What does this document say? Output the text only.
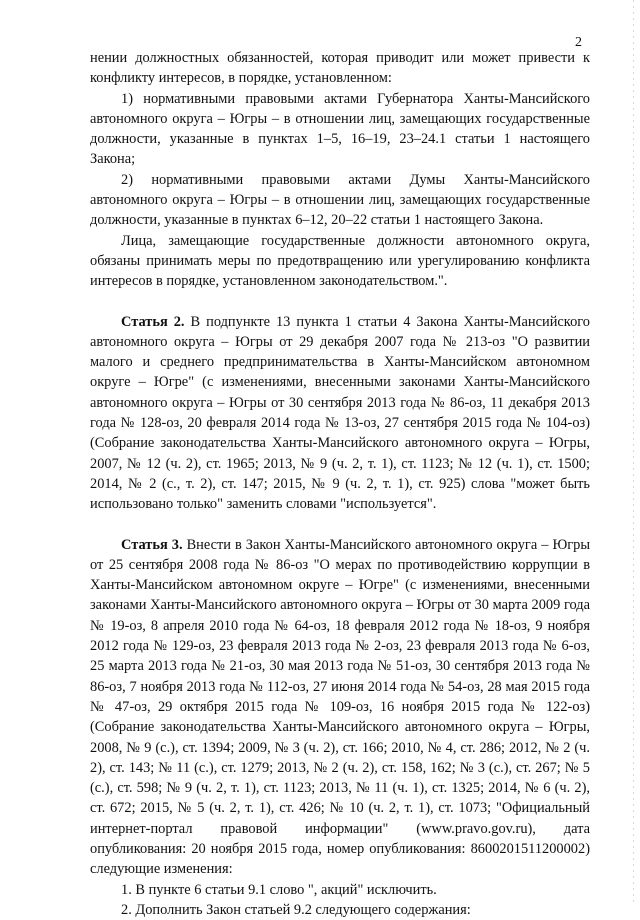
2

нении должностных обязанностей, которая приводит или может привести к конфликту интересов, в порядке, установленном:

1) нормативными правовыми актами Губернатора Ханты-Мансийского автономного округа – Югры – в отношении лиц, замещающих государственные должности, указанные в пунктах 1–5, 16–19, 23–24.1 статьи 1 настоящего Закона;

2) нормативными правовыми актами Думы Ханты-Мансийского автономного округа – Югры – в отношении лиц, замещающих государственные должности, указанные в пунктах 6–12, 20–22 статьи 1 настоящего Закона.

Лица, замещающие государственные должности автономного округа, обязаны принимать меры по предотвращению или урегулированию конфликта интересов в порядке, установленном законодательством.".

Статья 2. В подпункте 13 пункта 1 статьи 4 Закона Ханты-Мансийского автономного округа – Югры от 29 декабря 2007 года № 213-оз "О развитии малого и среднего предпринимательства в Ханты-Мансийском автономном округе – Югре" (с изменениями, внесенными законами Ханты-Мансийского автономного округа – Югры от 30 сентября 2013 года № 86-оз, 11 декабря 2013 года № 128-оз, 20 февраля 2014 года № 13-оз, 27 сентября 2015 года № 104-оз) (Собрание законодательства Ханты-Мансийского автономного округа – Югры, 2007, № 12 (ч. 2), ст. 1965; 2013, № 9 (ч. 2, т. 1), ст. 1123; № 12 (ч. 1), ст. 1500; 2014, № 2 (с., т. 2), ст. 147; 2015, № 9 (ч. 2, т. 1), ст. 925) слова "может быть использовано только" заменить словами "используется".

Статья 3. Внести в Закон Ханты-Мансийского автономного округа – Югры от 25 сентября 2008 года № 86-оз "О мерах по противодействию коррупции в Ханты-Мансийском автономном округе – Югре" (с изменениями, внесенными законами Ханты-Мансийского автономного округа – Югры от 30 марта 2009 года № 19-оз, 8 апреля 2010 года № 64-оз, 18 февраля 2012 года № 18-оз, 9 ноября 2012 года № 129-оз, 23 февраля 2013 года № 2-оз, 23 февраля 2013 года № 6-оз, 25 марта 2013 года № 21-оз, 30 мая 2013 года № 51-оз, 30 сентября 2013 года № 86-оз, 7 ноября 2013 года № 112-оз, 27 июня 2014 года № 54-оз, 28 мая 2015 года № 47-оз, 29 октября 2015 года № 109-оз, 16 ноября 2015 года № 122-оз) (Собрание законодательства Ханты-Мансийского автономного округа – Югры, 2008, № 9 (с.), ст. 1394; 2009, № 3 (ч. 2), ст. 166; 2010, № 4, ст. 286; 2012, № 2 (ч. 2), ст. 143; № 11 (с.), ст. 1279; 2013, № 2 (ч. 2), ст. 158, 162; № 3 (с.), ст. 267; № 5 (с.), ст. 598; № 9 (ч. 2, т. 1), ст. 1123; 2013, № 11 (ч. 1), ст. 1325; 2014, № 6 (ч. 2), ст. 672; 2015, № 5 (ч. 2, т. 1), ст. 426; № 10 (ч. 2, т. 1), ст. 1073; "Официальный интернет-портал правовой информации" (www.pravo.gov.ru), дата опубликования: 20 ноября 2015 года, номер опубликования: 8600201511200002) следующие изменения:

1. В пункте 6 статьи 9.1 слово ", акций" исключить.

2. Дополнить Закон статьей 9.2 следующего содержания:
